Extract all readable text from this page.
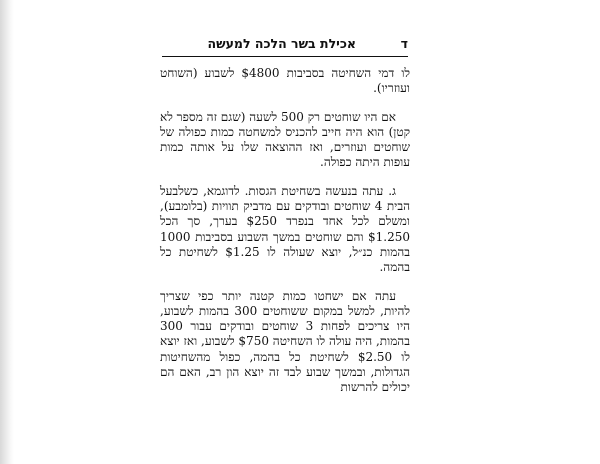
אכילת בשר הלכה למעשה	ד

לו דמי השחיטה בסביבות $4800 לשבוע (השוחט ועוזריו).

אם היו שוחטים רק 500 לשעה (שגם זה מספר לא קטן) הוא היה חייב להכניס למשחטה כמות כפולה של שוחטים ועוזרים, ואז ההוצאה שלו על אותה כמות עופות היתה כפולה.

ג. עתה בנעשה בשחיטת הגסות. לדוגמא, כשלבעל הבית 4 שוחטים ובודקים עם מדביק תוויות (בלומבע), ומשלם לכל אחד בנפרד $250 בערך, סך הכל $1.250 והם שוחטים במשך השבוע בסביבות 1000 בהמות כנ״ל, יוצא שעולה לו $1.25 לשחיטת כל בהמה.

עתה אם ישחטו כמות קטנה יותר כפי שצריך להיות, למשל במקום ששוחטים 300 בהמות לשבוע, היו צריכים לפחות 3 שוחטים ובודקים עבור 300 בהמות, היה עולה לו השחיטה $750 לשבוע, ואז יוצא לו $2.50 לשחיטת כל בהמה, כפול מהשחיטות הגדולות, ובמשך שבוע לבד זה יוצא הון רב, האם הם יכולים להרשות
